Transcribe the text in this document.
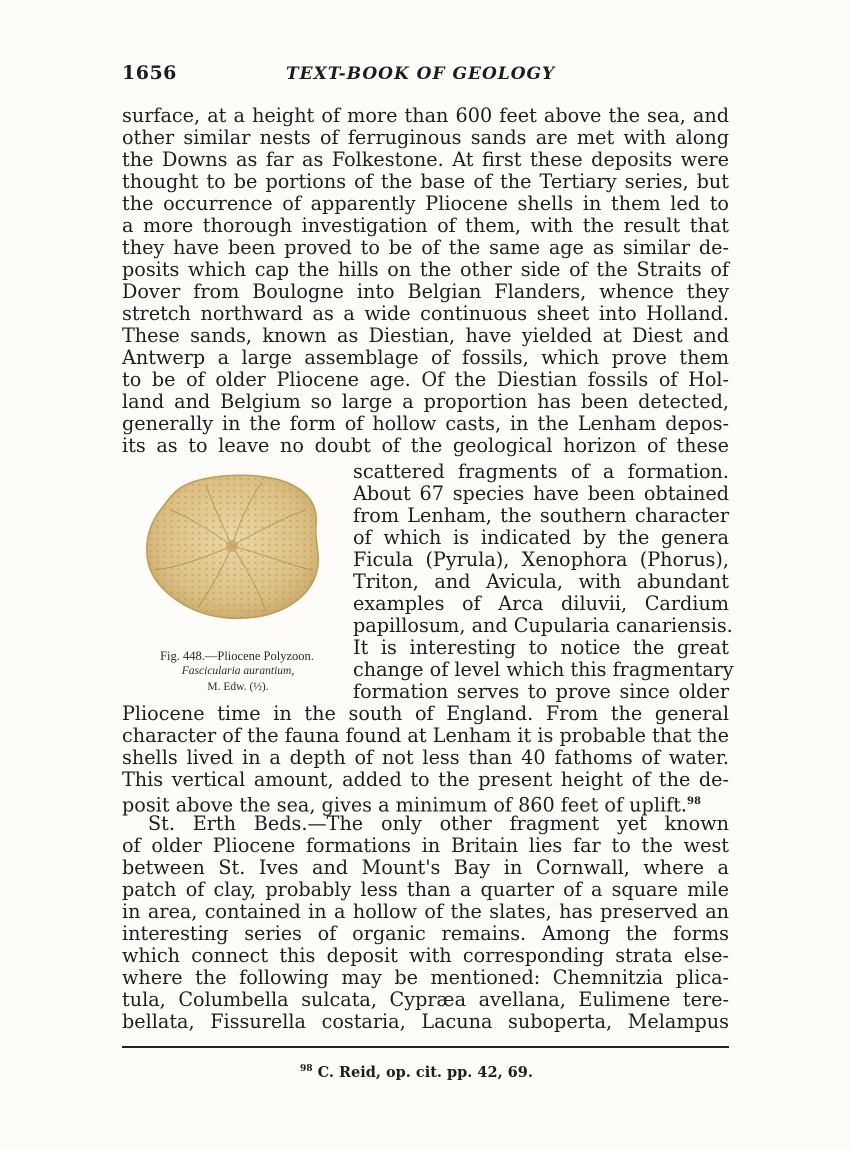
1656	TEXT-BOOK OF GEOLOGY

surface, at a height of more than 600 feet above the sea, and

other similar nests of ferruginous sands are met with along

the Downs as far as Folkestone. At first these deposits were

thought to be portions of the base of the Tertiary series, but

the occurrence of apparently Pliocene shells in them led to

a more thorough investigation of them, with the result that

they have been proved to be of the same age as similar de-

posits which cap the hills on the other side of the Straits of

Dover from Boulogne into Belgian Flanders, whence they

stretch northward as a wide continuous sheet into Holland.

These sands, known as Diestian, have yielded at Diest and

Antwerp a large assemblage of fossils, which prove them

to be of older Pliocene age. Of the Diestian fossils of Hol-

land and Belgium so large a proportion has been detected,

generally in the form of hollow casts, in the Lenham depos-

its as to leave no doubt of the geological horizon of these

Fig. 448.—Pliocene Polyzoon.
Fascicularia aurantium,
M. Edw. (½).

scattered fragments of a formation.

About 67 species have been obtained

from Lenham, the southern character

of which is indicated by the genera

Ficula (Pyrula), Xenophora (Phorus),

Triton, and Avicula, with abundant

examples of Arca diluvii, Cardium

papillosum, and Cupularia canariensis.

It is interesting to notice the great

change of level which this fragmentary

formation serves to prove since older

Pliocene time in the south of England. From the general

character of the fauna found at Lenham it is probable that the

shells lived in a depth of not less than 40 fathoms of water.

This vertical amount, added to the present height of the de-

posit above the sea, gives a minimum of 860 feet of uplift.$^{98}$

St. Erth Beds.—The only other fragment yet known

of older Pliocene formations in Britain lies far to the west

between St. Ives and Mount's Bay in Cornwall, where a

patch of clay, probably less than a quarter of a square mile

in area, contained in a hollow of the slates, has preserved an

interesting series of organic remains. Among the forms

which connect this deposit with corresponding strata else-

where the following may be mentioned: Chemnitzia plica-

tula, Columbella sulcata, Cypræa avellana, Eulimene tere-

bellata, Fissurella costaria, Lacuna suboperta, Melampus

$^{98}$ C. Reid, op. cit. pp. 42, 69.
